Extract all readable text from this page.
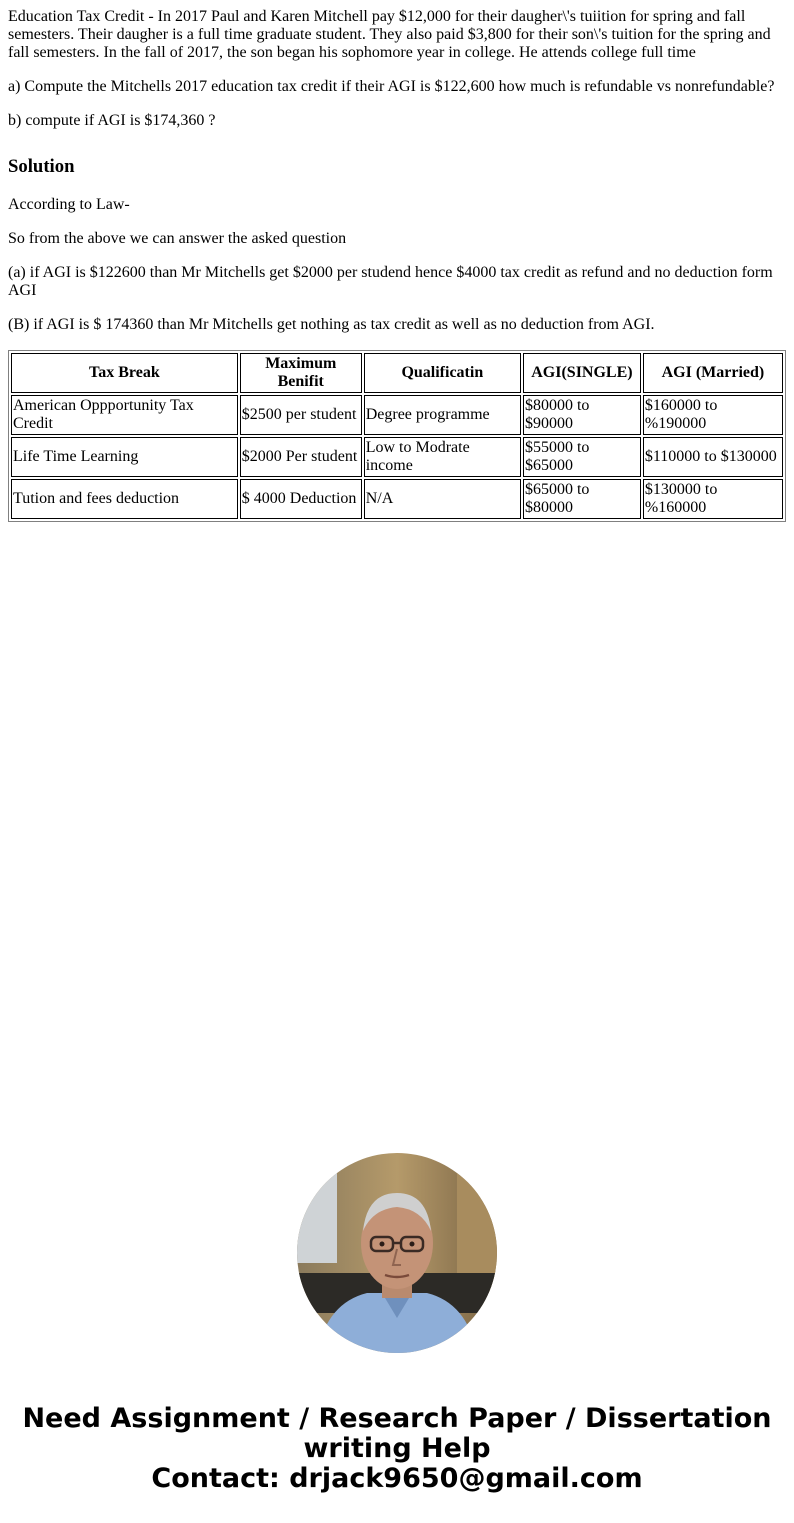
Education Tax Credit - In 2017 Paul and Karen Mitchell pay $12,000 for their daugher\'s tuiition for spring and fall semesters. Their daugher is a full time graduate student. They also paid $3,800 for their son\'s tuition for the spring and fall semesters. In the fall of 2017, the son began his sophomore year in college. He attends college full time

a) Compute the Mitchells 2017 education tax credit if their AGI is $122,600 how much is refundable vs nonrefundable?

b) compute if AGI is $174,360 ?

Solution

According to Law-

So from the above we can answer the asked question

(a) if AGI is $122600 than Mr Mitchells get $2000 per studend hence $4000 tax credit as refund and no deduction form AGI

(B) if AGI is $ 174360 than Mr Mitchells get nothing as tax credit as well as no deduction from AGI.

Tax Break	Maximum Benifit	Qualificatin	AGI(SINGLE)	AGI (Married)
American Oppportunity Tax Credit	$2500 per student	Degree programme	$80000 to $90000	$160000 to %190000
Life Time Learning	$2000 Per student	Low to Modrate income	$55000 to $65000	$110000 to $130000
Tution and fees deduction	$ 4000 Deduction	N/A	$65000 to $80000	$130000 to %160000
Need Assignment / Research Paper / Dissertation
writing Help
Contact: drjack9650@gmail.com
